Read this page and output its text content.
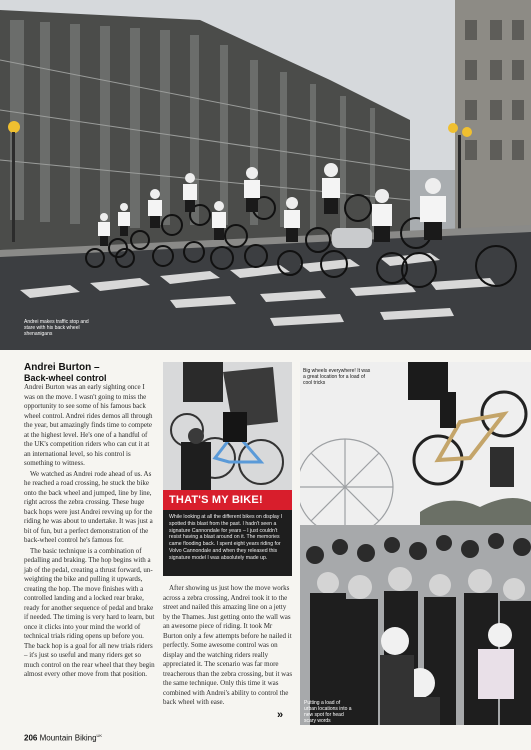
Andrei makes traffic stop and stare with his back wheel shenanigans
Andrei Burton –
Back-wheel control

Andrei Burton was an early sighting once I was on the move. I wasn't going to miss the opportunity to see some of his famous back wheel control. Andrei rides demos all through the year, but amazingly finds time to compete at the highest level. He's one of a handful of the UK's competition riders who can cut it at an international level, so his control is something to witness.

We watched as Andrei rode ahead of us. As he reached a road crossing, he stuck the bike onto the back wheel and jumped, line by line, right across the zebra crossing. These huge back hops were just Andrei revving up for the riding he was about to undertake. It was just a bit of fun, but a perfect demonstration of the back-wheel control he's famous for.

The basic technique is a combination of pedalling and braking. The hop begins with a jab of the pedal, creating a thrust forward, un-weighting the bike and pulling it upwards, creating the hop. The move finishes with a controlled landing and a locked rear brake, ready for another sequence of pedal and brake if needed. The timing is very hard to learn, but once it clicks into your mind the world of technical trials riding opens up before you. The back hop is a goal for all new trials riders – it's just so useful and many riders get so much control on the rear wheel that they begin almost every other move from that position.

THAT'S MY BIKE!
While looking at all the different bikes on display I spotted this blast from the past. I hadn't seen a signature Cannondale for years – I just couldn't resist having a blast around on it. The memories came flooding back. I spent eight years riding for Volvo Cannondale and when they released this signature model I was absolutely made up.

After showing us just how the move works across a zebra crossing, Andrei took it to the street and nailed this amazing line on a jetty by the Thames. Just getting onto the wall was an awesome piece of riding. It took Mr Burton only a few attempts before he nailed it perfectly. Some awesome control was on display and the watching riders really appreciated it. The scenario was far more treacherous than the zebra crossing, but it was the same technique. Only this time it was combined with Andrei's ability to control the back wheel with ease.

Big wheels everywhere! It was a great location for a load of cool tricks
Putting a load of urban locations into a new spot for head scary words
»
206 Mountain Biking$^{UK}$
